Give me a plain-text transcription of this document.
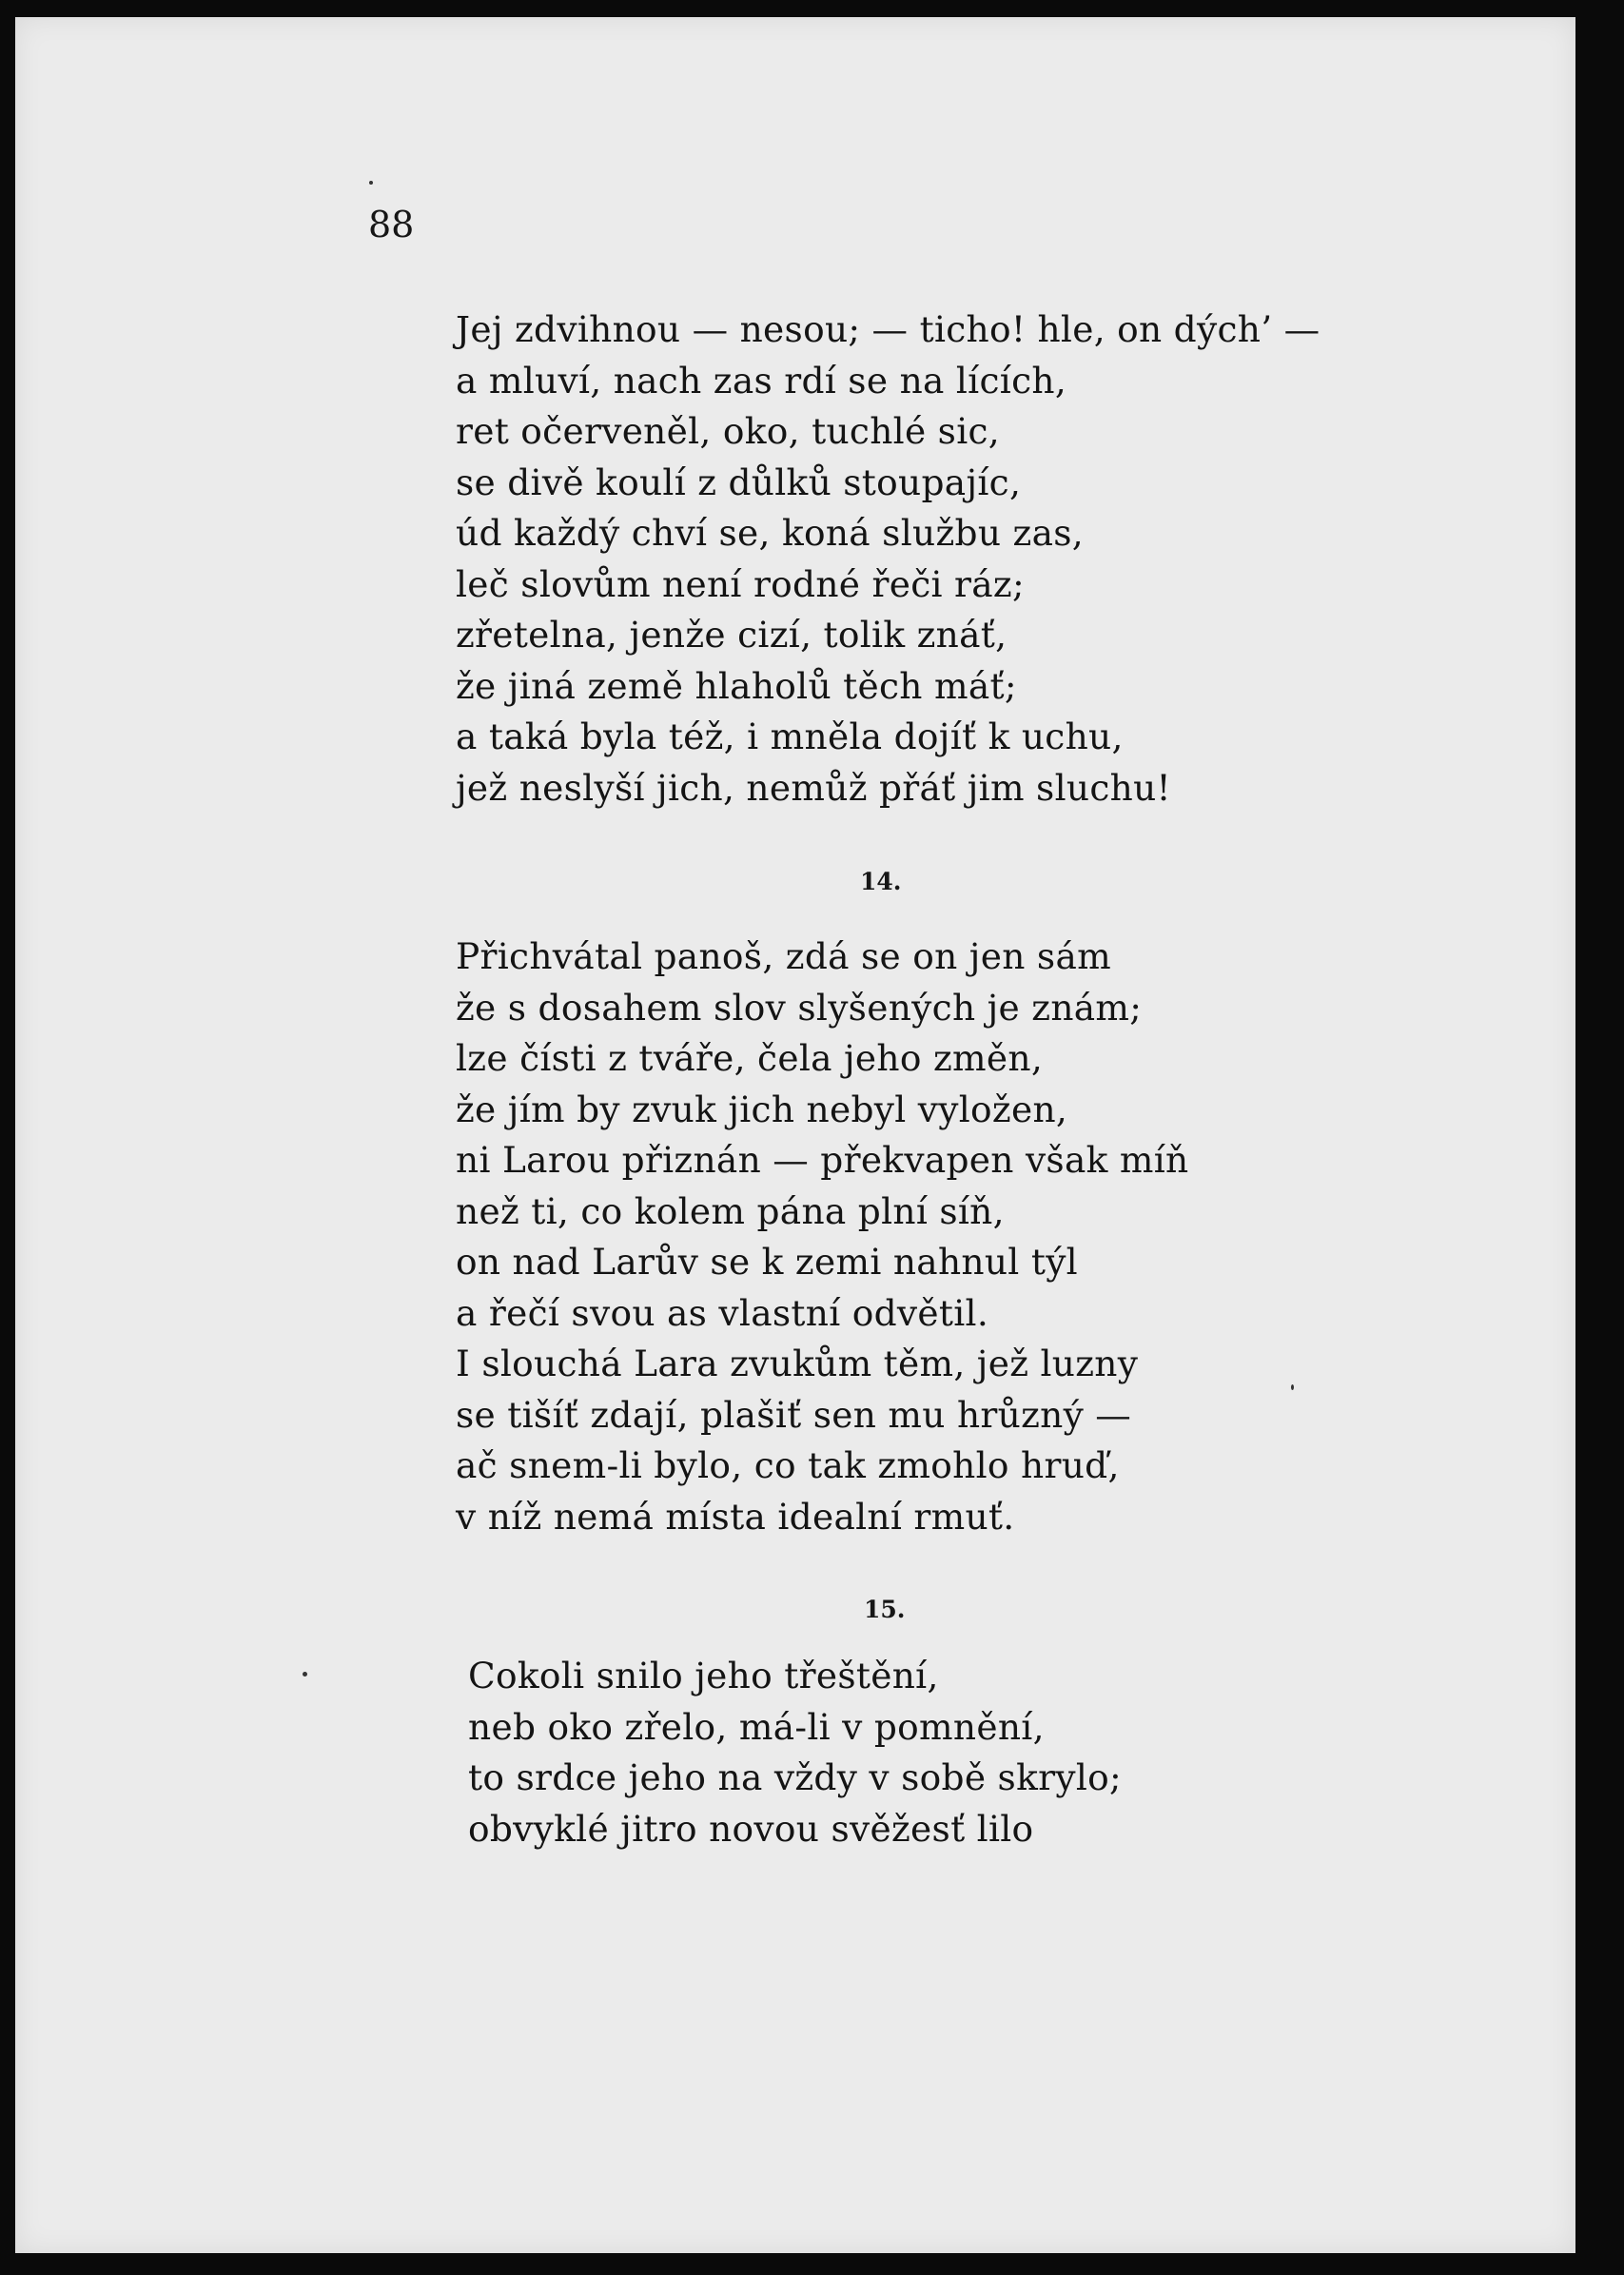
88
Jej zdvihnou — nesou; — ticho! hle, on dých’ —
a mluví, nach zas rdí se na lících,
ret očerveněl, oko, tuchlé sic,
se divě koulí z důlků stoupajíc,
úd každý chví se, koná službu zas,
leč slovům není rodné řeči ráz;
zřetelna, jenže cizí, tolik znáť,
že jiná země hlaholů těch máť;
a taká byla též, i mněla dojíť k uchu,
jež neslyší jich, nemůž přáť jim sluchu!
14.
Přichvátal panoš, zdá se on jen sám
že s dosahem slov slyšených je znám;
lze čísti z tváře, čela jeho změn,
že jím by zvuk jich nebyl vyložen,
ni Larou přiznán — překvapen však míň
než ti, co kolem pána plní síň,
on nad Larův se k zemi nahnul týl
a řečí svou as vlastní odvětil.
I slouchá Lara zvukům těm, jež luzny
se tišíť zdají, plašiť sen mu hrůzný —
ač snem-li bylo, co tak zmohlo hruď,
v níž nemá místa idealní rmuť.
15.
Cokoli snilo jeho třeštění,
neb oko zřelo, má-li v pomnění,
to srdce jeho na vždy v sobě skrylo;
obvyklé jitro novou svěžesť lilo
